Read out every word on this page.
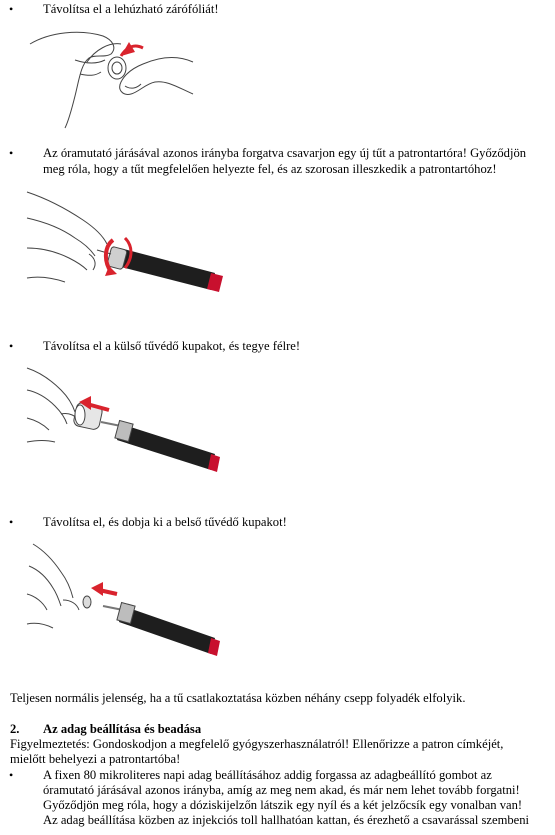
• Távolítsa el a lehúzható zárófóliát!
• Az óramutató járásával azonos irányba forgatva csavarjon egy új tűt a patrontartóra! Győződjön
meg róla, hogy a tűt megfelelően helyezte fel, és az szorosan illeszkedik a patrontartóhoz!
• Távolítsa el a külső tűvédő kupakot, és tegye félre!
• Távolítsa el, és dobja ki a belső tűvédő kupakot!
Teljesen normális jelenség, ha a tű csatlakoztatása közben néhány csepp folyadék elfolyik.
2. Az adag beállítása és beadása
Figyelmeztetés: Gondoskodjon a megfelelő gyógyszerhasználatról! Ellenőrizze a patron címkéjét,
mielőtt behelyezi a patrontartóba!
• A fixen 80 mikroliteres napi adag beállításához addig forgassa az adagbeállító gombot az
óramutató járásával azonos irányba, amíg az meg nem akad, és már nem lehet tovább forgatni!
Győződjön meg róla, hogy a dóziskijelzőn látszik egy nyíl és a két jelzőcsík egy vonalban van!
Az adag beállítása közben az injekciós toll hallhatóan kattan, és érezhető a csavarással szembeni
